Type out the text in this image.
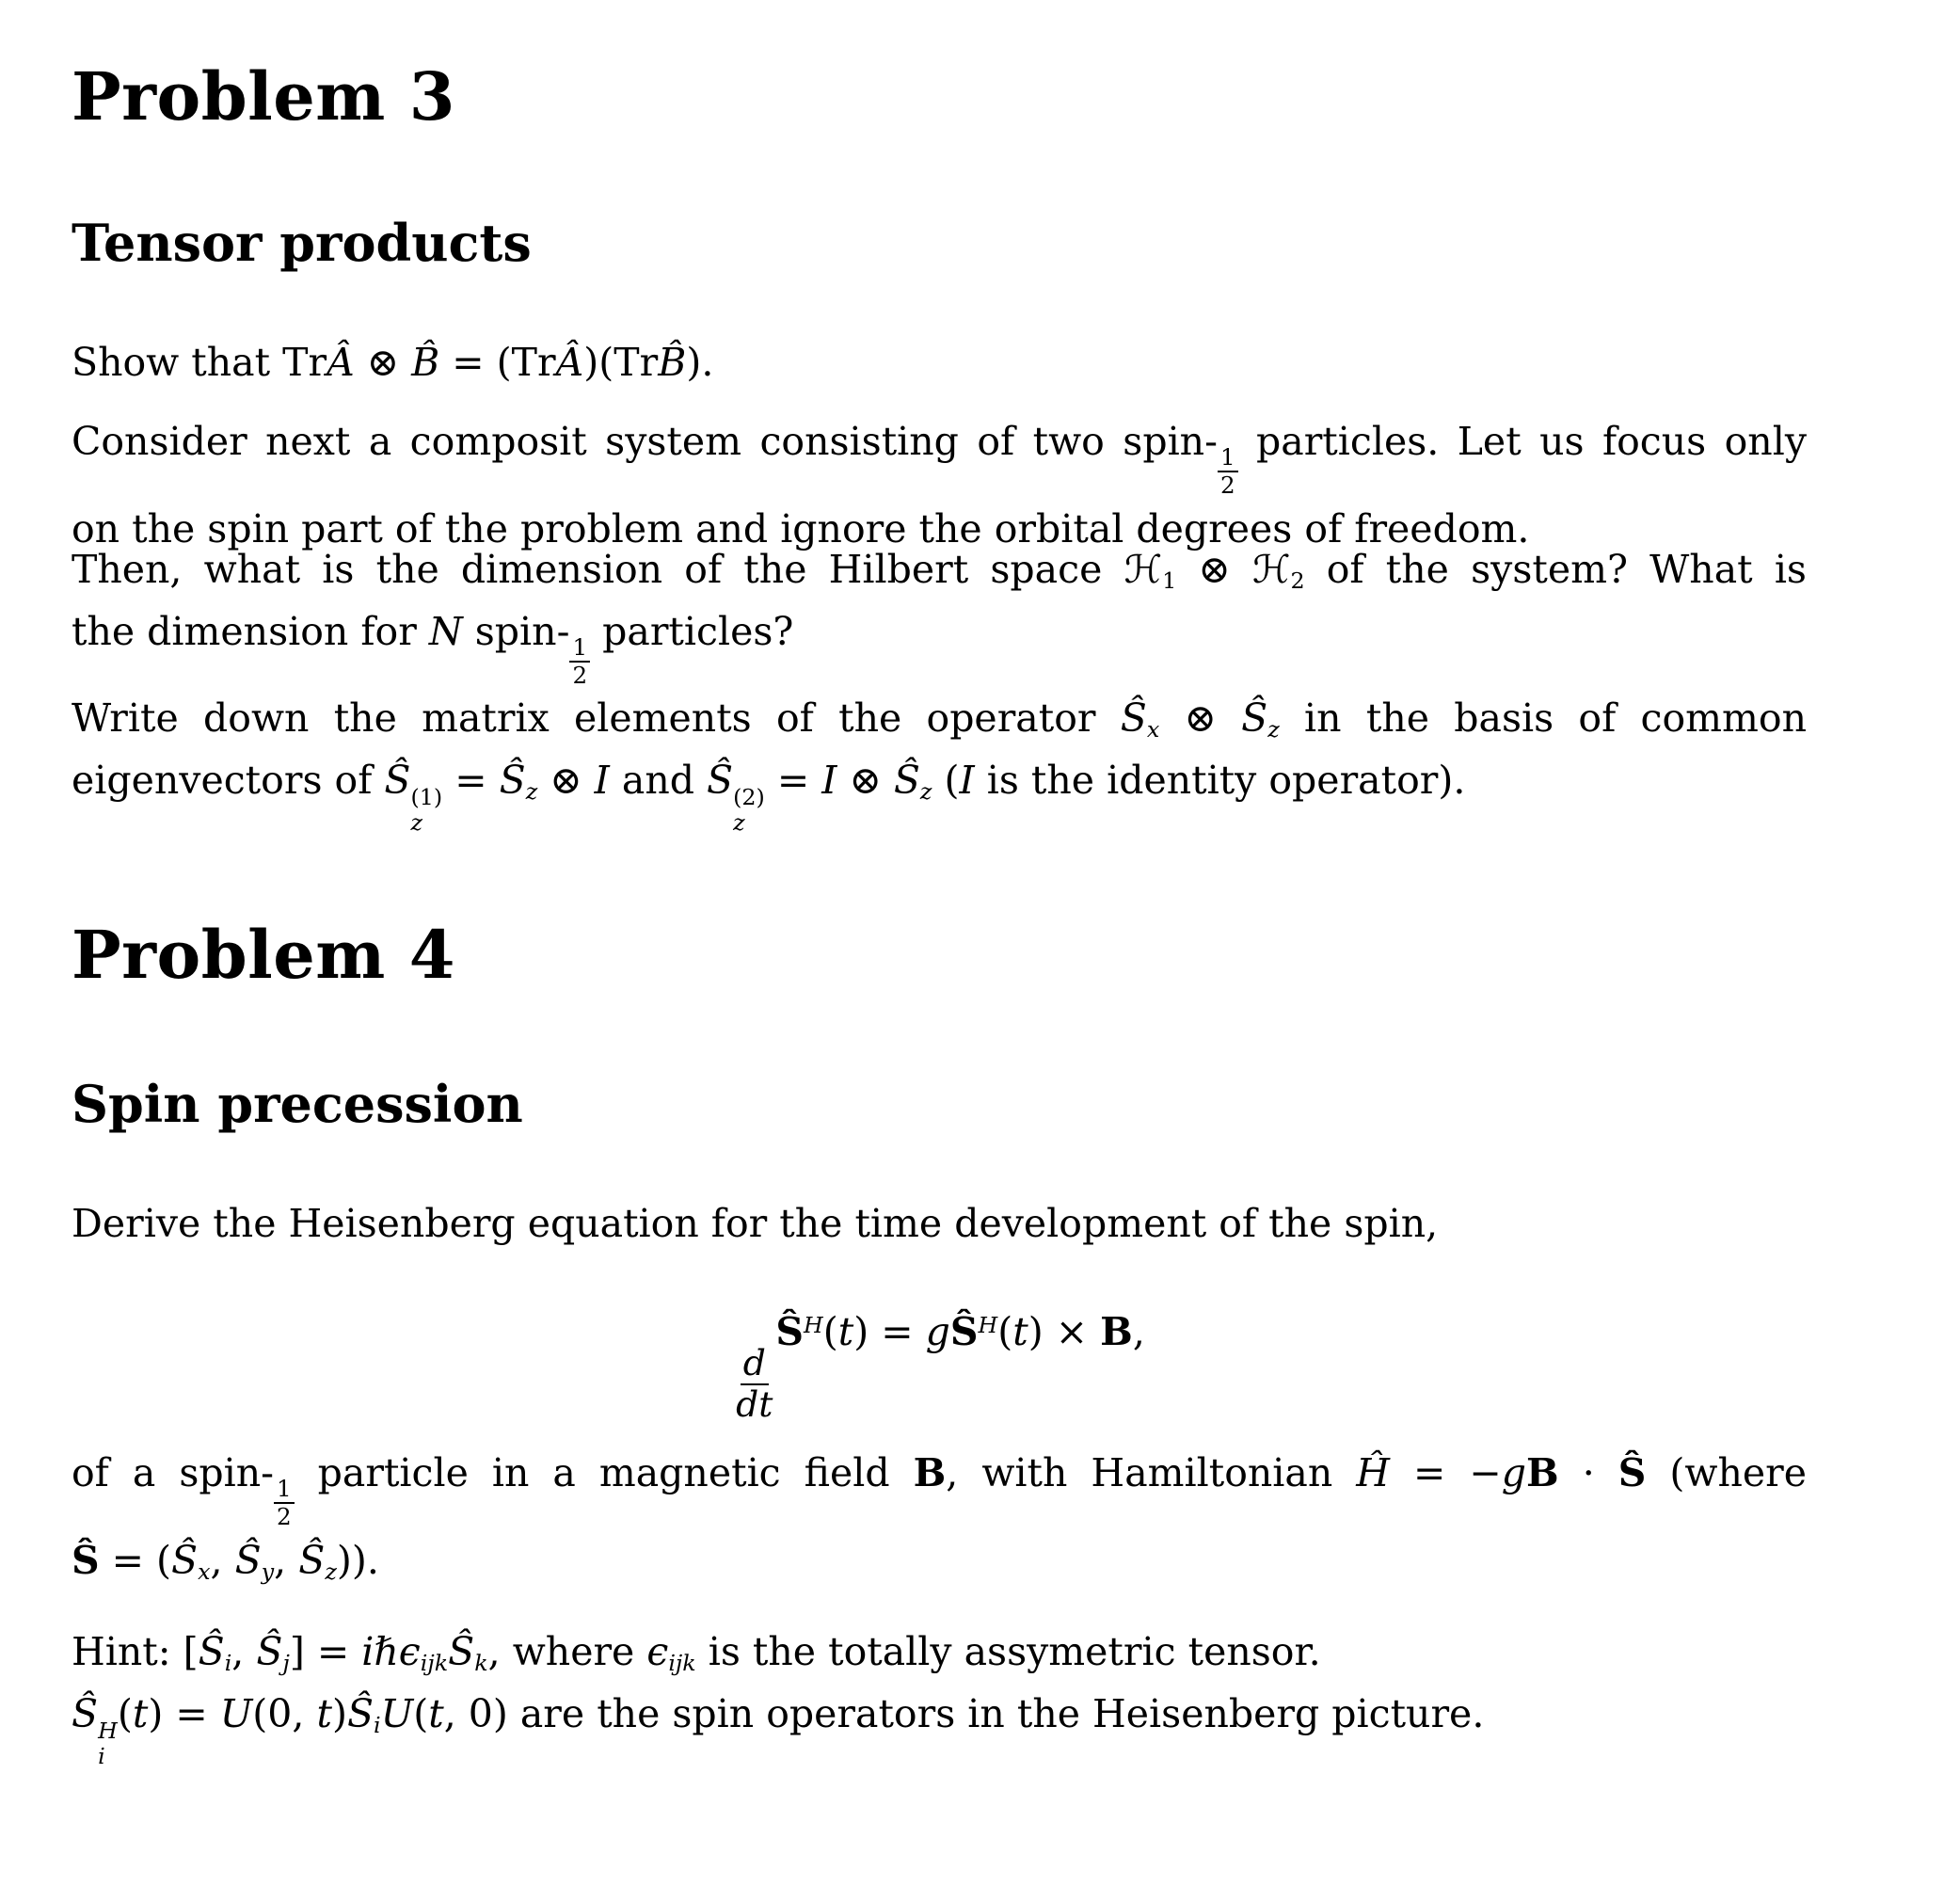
Problem 3
Tensor products
Show that TrÂ ⊗ B̂ = (TrÂ)(TrB̂).
Consider next a composit system consisting of two spin-
$\frac{1}{2}$
particles. Let us focus only
on the spin part of the problem and ignore the orbital degrees of freedom.
Then, what is the dimension of the Hilbert space ℋ$_1$ ⊗ ℋ$_2$ of the system? What is
the dimension for N spin-
$\frac{1}{2}$
particles?
Write down the matrix elements of the operator $Ŝ_x$ ⊗ $Ŝ_z$ in the basis of common
eigenvectors of Ŝ (1)
z
= $Ŝ_z$ ⊗ I and Ŝ (2)
z
= I ⊗ $Ŝ_z$ (I is the identity operator).
Problem 4
Spin precession
Derive the Heisenberg equation for the time development of the spin,
$\frac{d}{dt}$
$Ŝ^H(t)$ = $gŜ^H(t) \times B$,
of a spin-
$\frac{1}{2}$
particle in a magnetic field B, with Hamiltonian Ĥ = −gB · Ŝ (where
Ŝ = ($Ŝ_x$, $Ŝ_y$, $Ŝ_z$)).
Hint: [$Ŝ_i$, $Ŝ_j$] = $i\hbar\epsilon_{ijk}Ŝ_k$, where $\epsilon_{ijk}$ is the totally assymetric tensor.
Ŝ H
i
(t) = U(0, $t)Ŝ_iU(t$, 0) are the spin operators in the Heisenberg picture.
